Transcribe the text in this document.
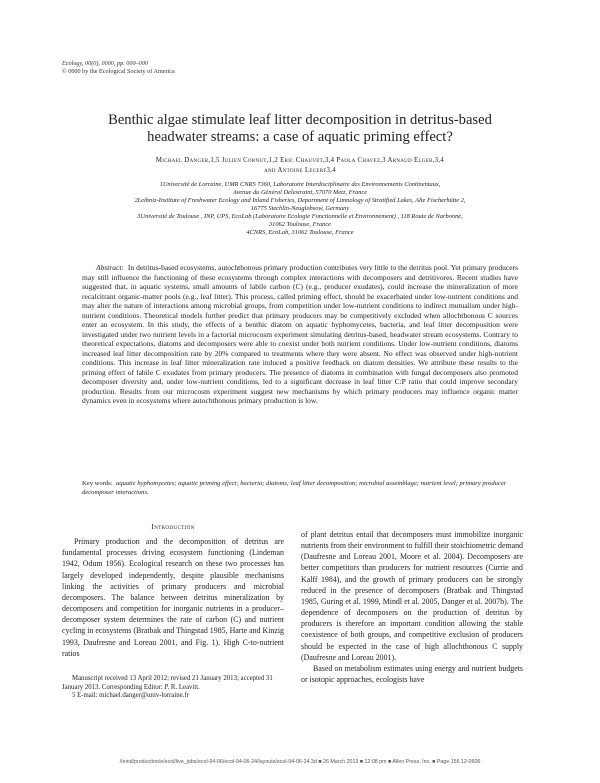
Ecology, 00(0), 0000, pp. 000–000
© 0000 by the Ecological Society of America
Benthic algae stimulate leaf litter decomposition in detritus-based
headwater streams: a case of aquatic priming effect?
Michael Danger,1,5 Julien Cornut,1,2 Eric Chauvet,3,4 Paola Chavez,3 Arnaud Elger,3,4
and Antoine Lecerf3,4

1Université de Lorraine, UMR CNRS 7360, Laboratoire Interdisciplinaire des Environnements Continentaux,

Avenue du Général Delestraint, 57070 Metz, France

2Leibniz-Institute of Freshwater Ecology and Inland Fisheries, Department of Limnology of Stratified Lakes, Alte Fischerhütte 2,

16775 Stechlin-Neuglobsow, Germany

3Université de Toulouse , INP, UPS, EcoLab (Laboratoire Ecologie Fonctionnelle et Environnement) , 118 Route de Narbonne,

31062 Toulouse, France

4CNRS, EcoLab, 31062 Toulouse, France

Abstract: In detritus-based ecosystems, autochthonous primary production contributes very little to the detritus pool. Yet primary producers may still influence the functioning of these ecosystems through complex interactions with decomposers and detritivores. Recent studies have suggested that, in aquatic systems, small amounts of labile carbon (C) (e.g., producer exudates), could increase the mineralization of more recalcitrant organic-matter pools (e.g., leaf litter). This process, called priming effect, should be exacerbated under low-nutrient conditions and may alter the nature of interactions among microbial groups, from competition under low-nutrient conditions to indirect mutualism under high-nutrient conditions. Theoretical models further predict that primary producers may be competitively excluded when allochthonous C sources enter an ecosystem. In this study, the effects of a benthic diatom on aquatic hyphomycetes, bacteria, and leaf litter decomposition were investigated under two nutrient levels in a factorial microcosm experiment simulating detritus-based, headwater stream ecosystems. Contrary to theoretical expectations, diatoms and decomposers were able to coexist under both nutrient conditions. Under low-nutrient conditions, diatoms increased leaf litter decomposition rate by 20% compared to treatments where they were absent. No effect was observed under high-nutrient conditions. This increase in leaf litter mineralization rate induced a positive feedback on diatom densities. We attribute these results to the priming effect of labile C exudates from primary producers. The presence of diatoms in combination with fungal decomposers also promoted decomposer diversity and, under low-nutrient conditions, led to a significant decrease in leaf litter C:P ratio that could improve secondary production. Results from our microcosm experiment suggest new mechanisms by which primary producers may influence organic matter dynamics even in ecosystems where autochthonous primary production is low.

Key words: aquatic hyphomycetes; aquatic priming effect; bacteria; diatoms; leaf litter decomposition; microbial assemblage; nutrient level; primary producer decomposer interactions.
Introduction

Primary production and the decomposition of detritus are fundamental processes driving ecosystem functioning (Lindeman 1942, Odum 1956). Ecological research on these two processes has largely developed independently, despite plausible mechanisms linking the activities of primary producers and microbial decomposers. The balance between detritus mineralization by decomposers and competition for inorganic nutrients in a producer–decomposer system determines the rate of carbon (C) and nutrient cycling in ecosystems (Bratbak and Thingstad 1985, Harte and Kinzig 1993, Daufresne and Loreau 2001, and Fig. 1). High C-to-nutrient ratios

of plant detritus entail that decomposers must immobilize inorganic nutrients from their environment to fulfill their stoichiometric demand (Daufresne and Loreau 2001, Moore et al. 2004). Decomposers are better competitors than producers for nutrient resources (Currie and Kalff 1984), and the growth of primary producers can be strongly reduced in the presence of decomposers (Bratbak and Thingstad 1985, Guring et al. 1999, Mindl et al. 2005, Danger et al. 2007b). The dependence of decomposers on the production of detritus by producers is therefore an important condition allowing the stable coexistence of both groups, and competitive exclusion of producers should be expected in the case of high allochthonous C supply (Daufresne and Loreau 2001).

Based on metabolism estimates using energy and nutrient budgets or isotopic approaches, ecologists have

Manuscript received 13 April 2012; revised 21 January 2013; accepted 31 January 2013. Corresponding Editor: P. R. Leavitt.

5 E-mail: michael.danger@univ-lorraine.fr

//eind/production/e/ecol/live_jobs/ecol-94-06/ecol-94-06-24/layouts/ecol-94-06-24.3d ■ 26 March 2013 ■ 12:08 pm ■ Allen Press, Inc. ■ Page 156 12-0606
